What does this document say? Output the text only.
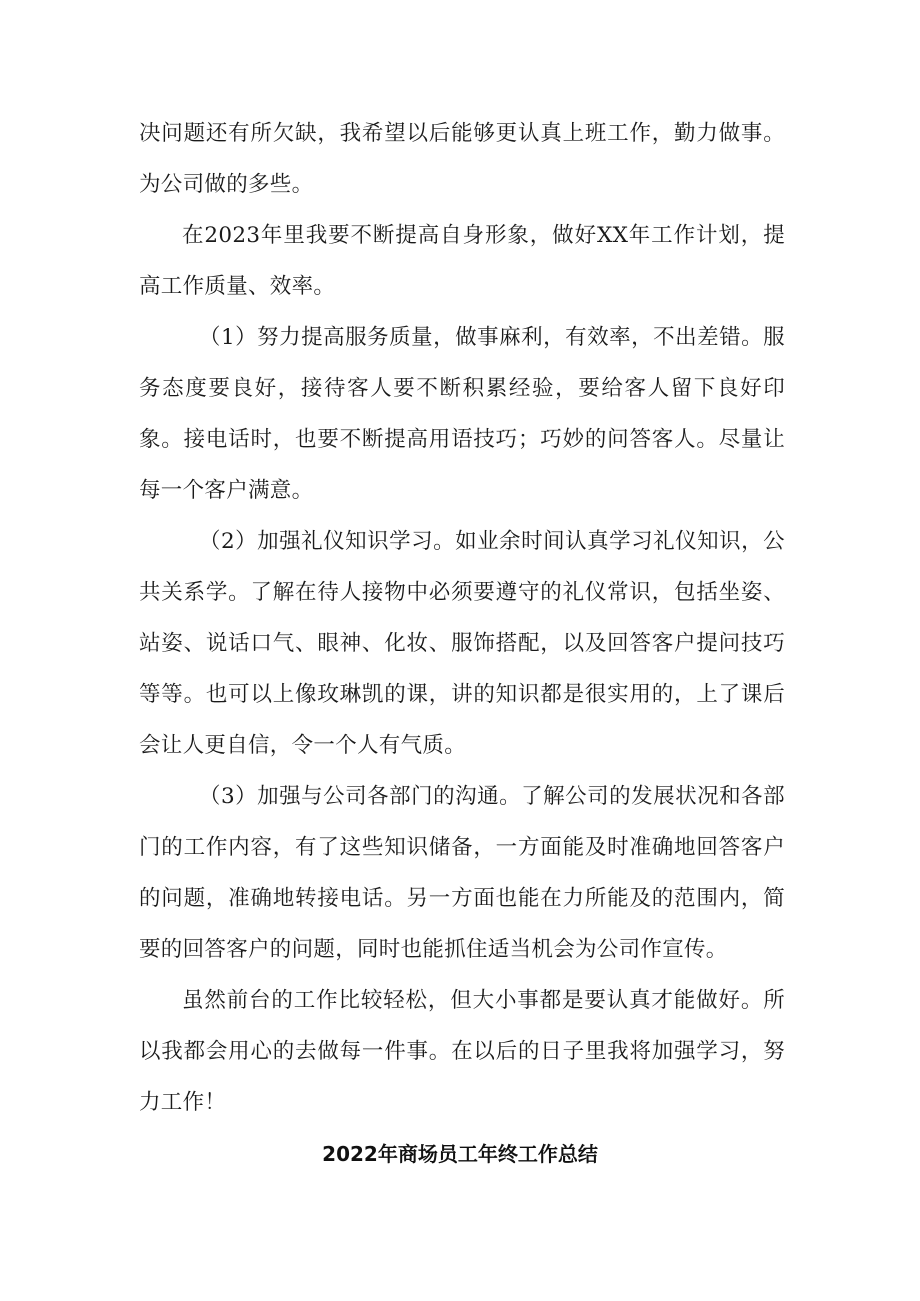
决问题还有所欠缺，我希望以后能够更认真上班工作，勤力做事。为公司做的多些。

在2023年里我要不断提高自身形象，做好XX年工作计划，提高工作质量、效率。

（1）努力提高服务质量，做事麻利，有效率，不出差错。服务态度要良好，接待客人要不断积累经验，要给客人留下良好印象。接电话时，也要不断提高用语技巧；巧妙的问答客人。尽量让每一个客户满意。

（2）加强礼仪知识学习。如业余时间认真学习礼仪知识，公共关系学。了解在待人接物中必须要遵守的礼仪常识，包括坐姿、站姿、说话口气、眼神、化妆、服饰搭配，以及回答客户提问技巧等等。也可以上像玫琳凯的课，讲的知识都是很实用的，上了课后会让人更自信，令一个人有气质。

（3）加强与公司各部门的沟通。了解公司的发展状况和各部门的工作内容，有了这些知识储备，一方面能及时准确地回答客户的问题，准确地转接电话。另一方面也能在力所能及的范围内，简要的回答客户的问题，同时也能抓住适当机会为公司作宣传。

虽然前台的工作比较轻松，但大小事都是要认真才能做好。所以我都会用心的去做每一件事。在以后的日子里我将加强学习，努力工作！

2022年商场员工年终工作总结
